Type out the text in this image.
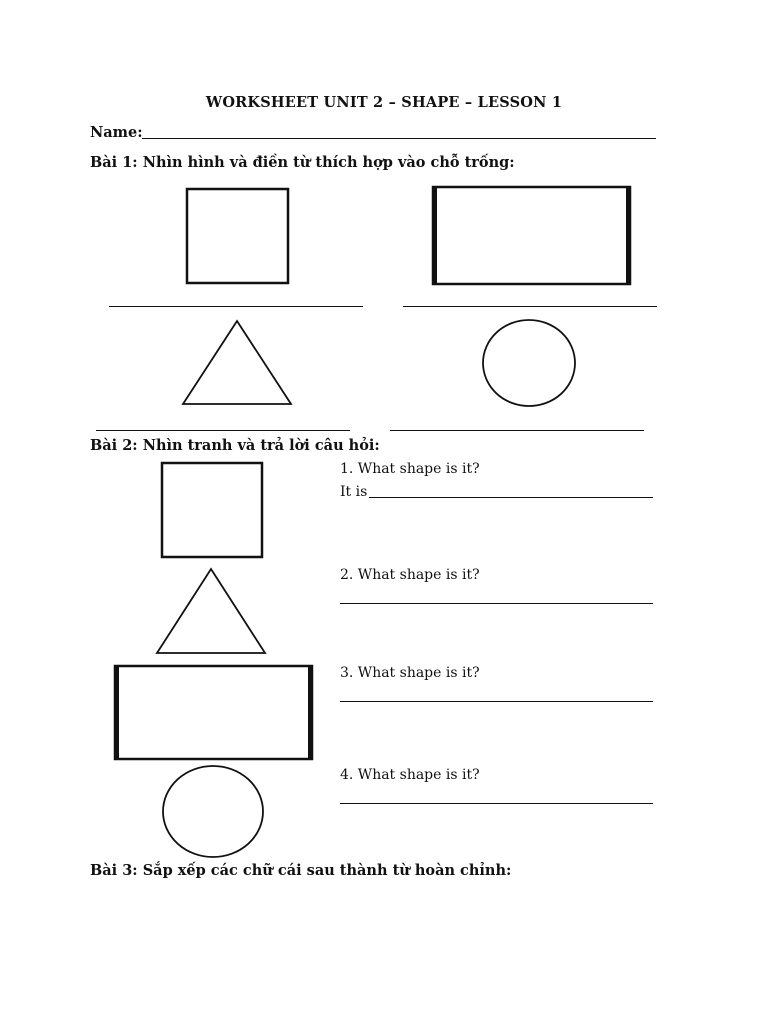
WORKSHEET UNIT 2 – SHAPE – LESSON 1
Name:
Bài 1: Nhìn hình và điền từ thích hợp vào chỗ trống:
Bài 2: Nhìn tranh và trả lời câu hỏi:
1. What shape is it?
It is
2. What shape is it?
3. What shape is it?
4. What shape is it?
Bài 3: Sắp xếp các chữ cái sau thành từ hoàn chỉnh:
